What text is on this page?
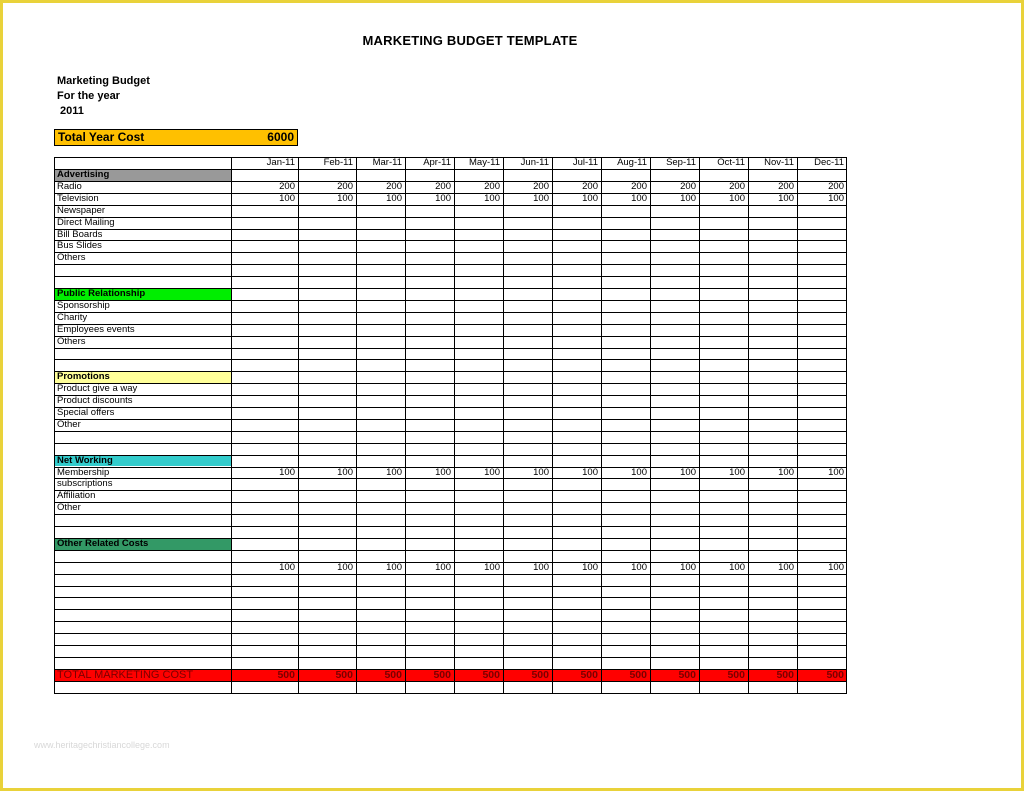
MARKETING BUDGET TEMPLATE
Marketing Budget
For the year
2011
Total Year Cost	6000
Jan-11	Feb-11	Mar-11	Apr-11	May-11	Jun-11	Jul-11	Aug-11	Sep-11	Oct-11	Nov-11	Dec-11
Advertising
Radio	200	200	200	200	200	200	200	200	200	200	200	200
Television	100	100	100	100	100	100	100	100	100	100	100	100
Newspaper
Direct Mailing
Bill Boards
Bus Slides
Others
Public Relationship
Sponsorship
Charity
Employees events
Others
Promotions
Product give a way
Product discounts
Special offers
Other
Net Working
Membership	100	100	100	100	100	100	100	100	100	100	100	100
subscriptions
Affiliation
Other
Other Related Costs
100	100	100	100	100	100	100	100	100	100	100	100
TOTAL MARKETING COST	500	500	500	500	500	500	500	500	500	500	500	500
www.heritagechristiancollege.com
